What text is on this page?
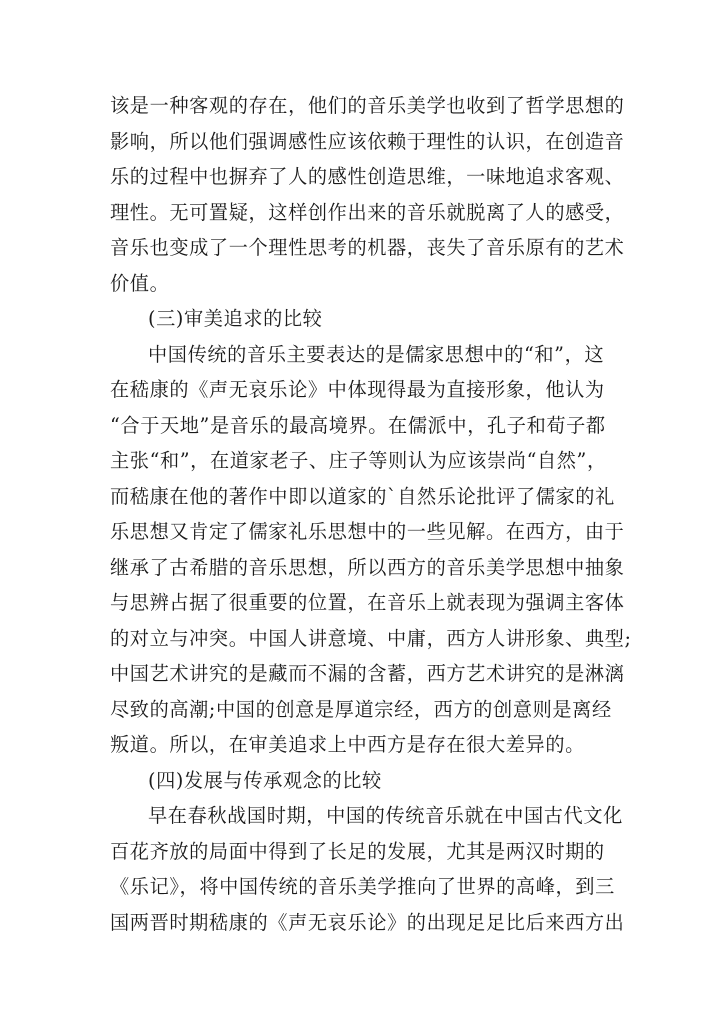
该是一种客观的存在，他们的音乐美学也收到了哲学思想的
影响，所以他们强调感性应该依赖于理性的认识，在创造音
乐的过程中也摒弃了人的感性创造思维，一味地追求客观、
理性。无可置疑，这样创作出来的音乐就脱离了人的感受，
音乐也变成了一个理性思考的机器，丧失了音乐原有的艺术
价值。
(三)审美追求的比较
中国传统的音乐主要表达的是儒家思想中的“和”，这
在嵇康的《声无哀乐论》中体现得最为直接形象，他认为
“合于天地”是音乐的最高境界。在儒派中，孔子和荀子都
主张“和”，在道家老子、庄子等则认为应该崇尚“自然”，
而嵇康在他的著作中即以道家的`自然乐论批评了儒家的礼
乐思想又肯定了儒家礼乐思想中的一些见解。在西方，由于
继承了古希腊的音乐思想，所以西方的音乐美学思想中抽象
与思辨占据了很重要的位置，在音乐上就表现为强调主客体
的对立与冲突。中国人讲意境、中庸，西方人讲形象、典型;
中国艺术讲究的是藏而不漏的含蓄，西方艺术讲究的是淋漓
尽致的高潮;中国的创意是厚道宗经，西方的创意则是离经
叛道。所以，在审美追求上中西方是存在很大差异的。
(四)发展与传承观念的比较
早在春秋战国时期，中国的传统音乐就在中国古代文化
百花齐放的局面中得到了长足的发展，尤其是两汉时期的
《乐记》，将中国传统的音乐美学推向了世界的高峰，到三
国两晋时期嵇康的《声无哀乐论》的出现足足比后来西方出
